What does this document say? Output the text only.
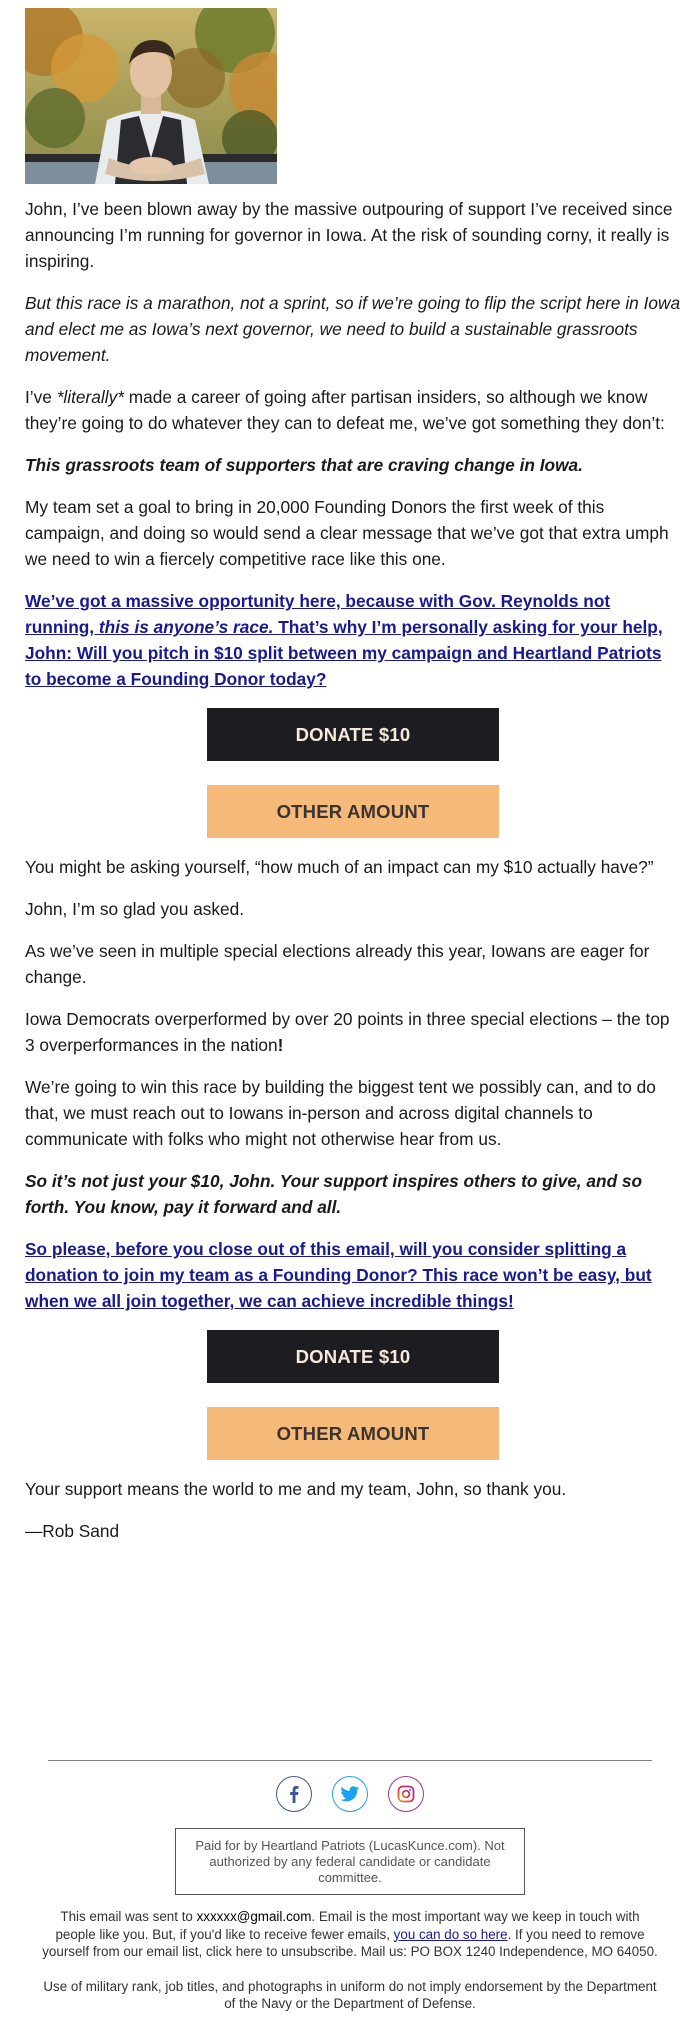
John, I’ve been blown away by the massive outpouring of support I’ve received since announcing I’m running for governor in Iowa. At the risk of sounding corny, it really is inspiring.

But this race is a marathon, not a sprint, so if we’re going to flip the script here in Iowa and elect me as Iowa’s next governor, we need to build a sustainable grassroots movement.

I’ve *literally* made a career of going after partisan insiders, so although we know they’re going to do whatever they can to defeat me, we’ve got something they don’t:

This grassroots team of supporters that are craving change in Iowa.

My team set a goal to bring in 20,000 Founding Donors the first week of this campaign, and doing so would send a clear message that we’ve got that extra umph we need to win a fiercely competitive race like this one.

We’ve got a massive opportunity here, because with Gov. Reynolds not running, this is anyone’s race. That’s why I’m personally asking for your help, John: Will you pitch in $10 split between my campaign and Heartland Patriots to become a Founding Donor today?

DONATE $10
OTHER AMOUNT

You might be asking yourself, “how much of an impact can my $10 actually have?”

John, I’m so glad you asked.

As we’ve seen in multiple special elections already this year, Iowans are eager for change.

Iowa Democrats overperformed by over 20 points in three special elections – the top 3 overperformances in the nation!

We’re going to win this race by building the biggest tent we possibly can, and to do that, we must reach out to Iowans in-person and across digital channels to communicate with folks who might not otherwise hear from us.

So it’s not just your $10, John. Your support inspires others to give, and so forth. You know, pay it forward and all.

So please, before you close out of this email, will you consider splitting a donation to join my team as a Founding Donor? This race won’t be easy, but when we all join together, we can achieve incredible things!

DONATE $10
OTHER AMOUNT

Your support means the world to me and my team, John, so thank you.

—Rob Sand

Paid for by Heartland Patriots (LucasKunce.com). Not authorized by any federal candidate or candidate committee.

This email was sent to xxxxxx@gmail.com. Email is the most important way we keep in touch with people like you. But, if you'd like to receive fewer emails, you can do so here. If you need to remove yourself from our email list, click here to unsubscribe. Mail us: PO BOX 1240 Independence, MO 64050.

Use of military rank, job titles, and photographs in uniform do not imply endorsement by the Department of the Navy or the Department of Defense.
